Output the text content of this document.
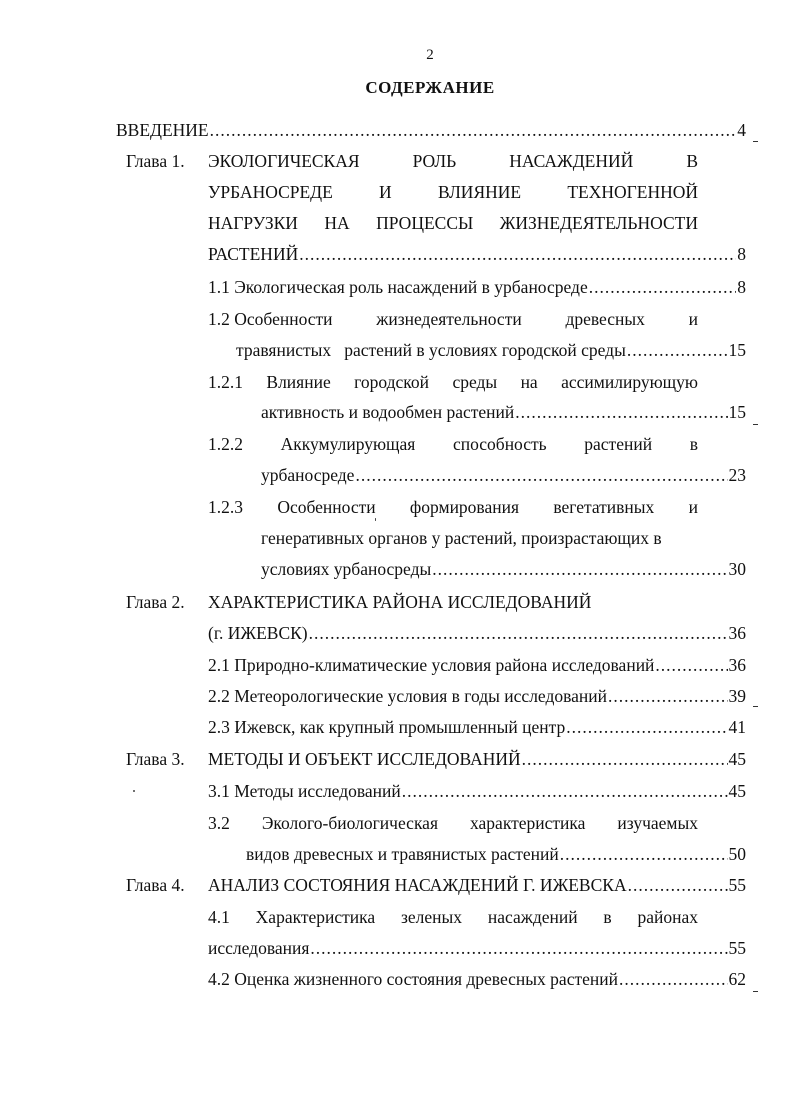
2
СОДЕРЖАНИЕ
ВВЕДЕНИЕ .....	4
Глава 1. ЭКОЛОГИЧЕСКАЯ	РОЛЬ	НАСАЖДЕНИЙ	В
УРБАНОСРЕДЕ	И	ВЛИЯНИЕ	ТЕХНОГЕННОЙ
НАГРУЗКИ НА ПРОЦЕССЫ ЖИЗНЕДЕЯТЕЛЬНОСТИ
РАСТЕНИЙ .....	8
1.1 Экологическая роль насаждений в урбаносреде .....	8
1.2 Особенности жизнедеятельности древесных и
травянистых   растений в условиях городской среды .....	15
1.2.1 Влияние городской среды на ассимилирующую
активность и водообмен растений .....	15
1.2.2 Аккумулирующая способность растений в
урбаносреде .....	23
1.2.3 Особенности формирования вегетативных и
генеративных органов у растений, произрастающих в
условиях урбаносреды .....	30
Глава 2. ХАРАКТЕРИСТИКА РАЙОНА ИССЛЕДОВАНИЙ
(г. ИЖЕВСК) .....	36
2.1 Природно-климатические условия района исследований .....	36
2.2 Метеорологические условия в годы исследований .....	39
2.3 Ижевск, как крупный промышленный центр .....	41
Глава 3. МЕТОДЫ И ОБЪЕКТ ИССЛЕДОВАНИЙ .....	45
3.1 Методы исследований .....	45
3.2 Эколого-биологическая характеристика изучаемых
видов древесных и травянистых растений .....	50
Глава 4. АНАЛИЗ СОСТОЯНИЯ НАСАЖДЕНИЙ Г. ИЖЕВСКА .....	55
4.1 Характеристика зеленых насаждений в районах
исследования .....	55
4.2 Оценка жизненного состояния древесных растений .....	62
